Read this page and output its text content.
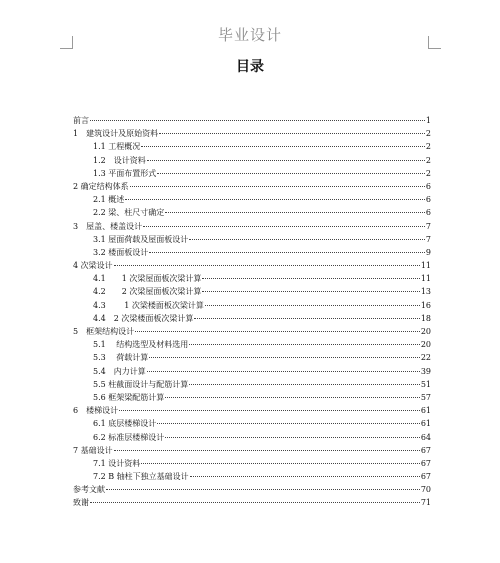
毕业设计
目录
前言	1
1　建筑设计及原始资料	2
1.1 工程概况	2
1.2　设计资料	2
1.3 平面布置形式	2
2 确定结构体系	6
2.1 概述	6
2.2 梁、柱尺寸确定	6
3　屋盖、楼盖设计	7
3.1 屋面荷载及屋面板设计	7
3.2 楼面板设计	9
4 次梁设计	11
4.1　　1 次梁屋面板次梁计算	11
4.2　　2 次梁屋面板次梁计算	13
4.3　　 1 次梁楼面板次梁计算	16
4.4　2 次梁楼面板次梁计算	18
5　框架结构设计	20
5.1　 结构选型及材料选用	20
5.3　 荷载计算	22
5.4　内力计算	39
5.5 柱截面设计与配筋计算	51
5.6 框架梁配筋计算	57
6　楼梯设计	61
6.1 底层楼梯设计	61
6.2 标准层楼梯设计	64
7 基础设计	67
7.1 设计资料	67
7.2 B 轴柱下独立基础设计	67
参考文献	70
致谢	71
